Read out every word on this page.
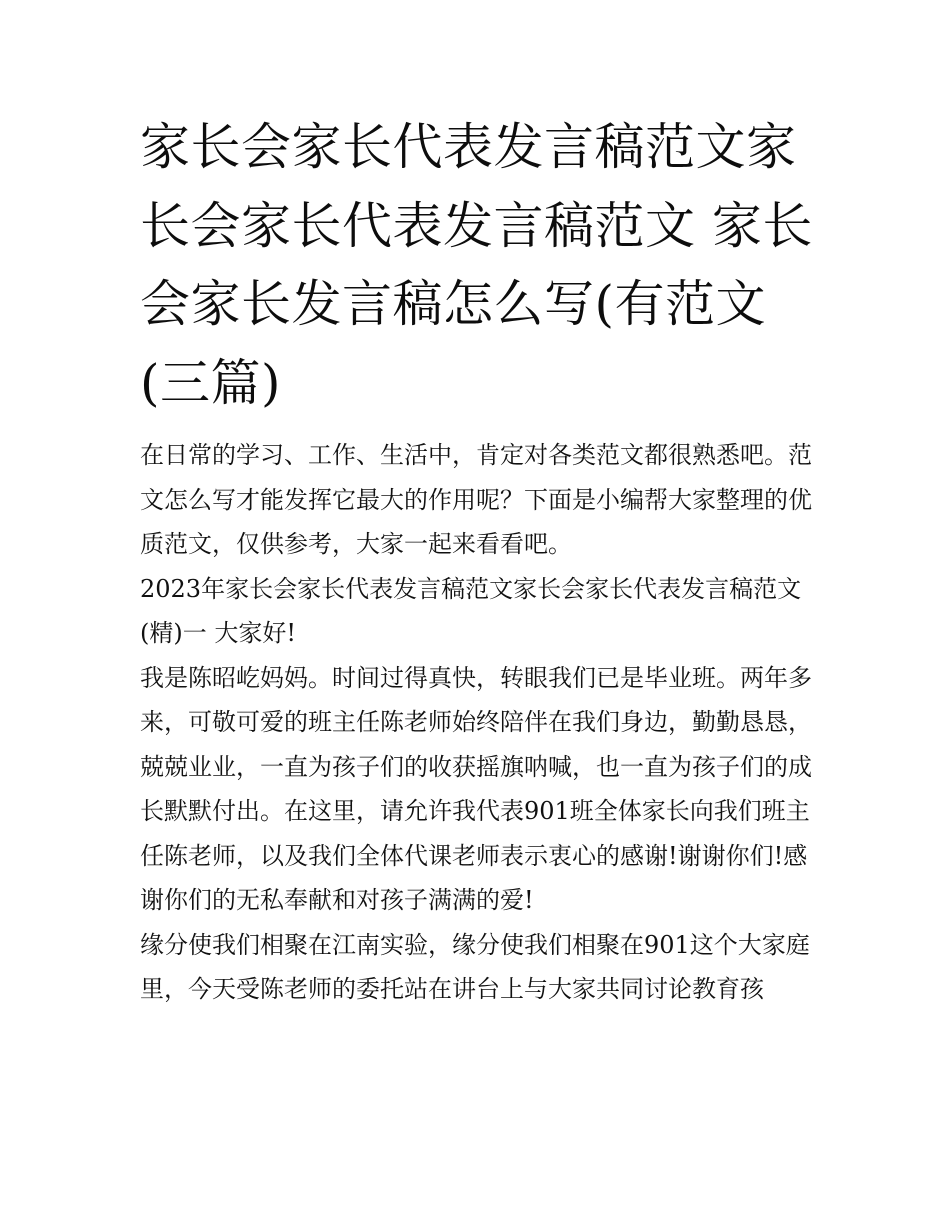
家长会家长代表发言稿范文家长会家长代表发言稿范文 家长会家长发言稿怎么写(有范文(三篇)

在日常的学习、工作、生活中，肯定对各类范文都很熟悉吧。范文怎么写才能发挥它最大的作用呢？下面是小编帮大家整理的优质范文，仅供参考，大家一起来看看吧。

2023年家长会家长代表发言稿范文家长会家长代表发言稿范文(精)一 大家好!

我是陈昭屹妈妈。时间过得真快，转眼我们已是毕业班。两年多来，可敬可爱的班主任陈老师始终陪伴在我们身边，勤勤恳恳，兢兢业业，一直为孩子们的收获摇旗呐喊，也一直为孩子们的成长默默付出。在这里，请允许我代表901班全体家长向我们班主任陈老师，以及我们全体代课老师表示衷心的感谢!谢谢你们!感谢你们的无私奉献和对孩子满满的爱!

缘分使我们相聚在江南实验，缘分使我们相聚在901这个大家庭里，今天受陈老师的委托站在讲台上与大家共同讨论教育孩
